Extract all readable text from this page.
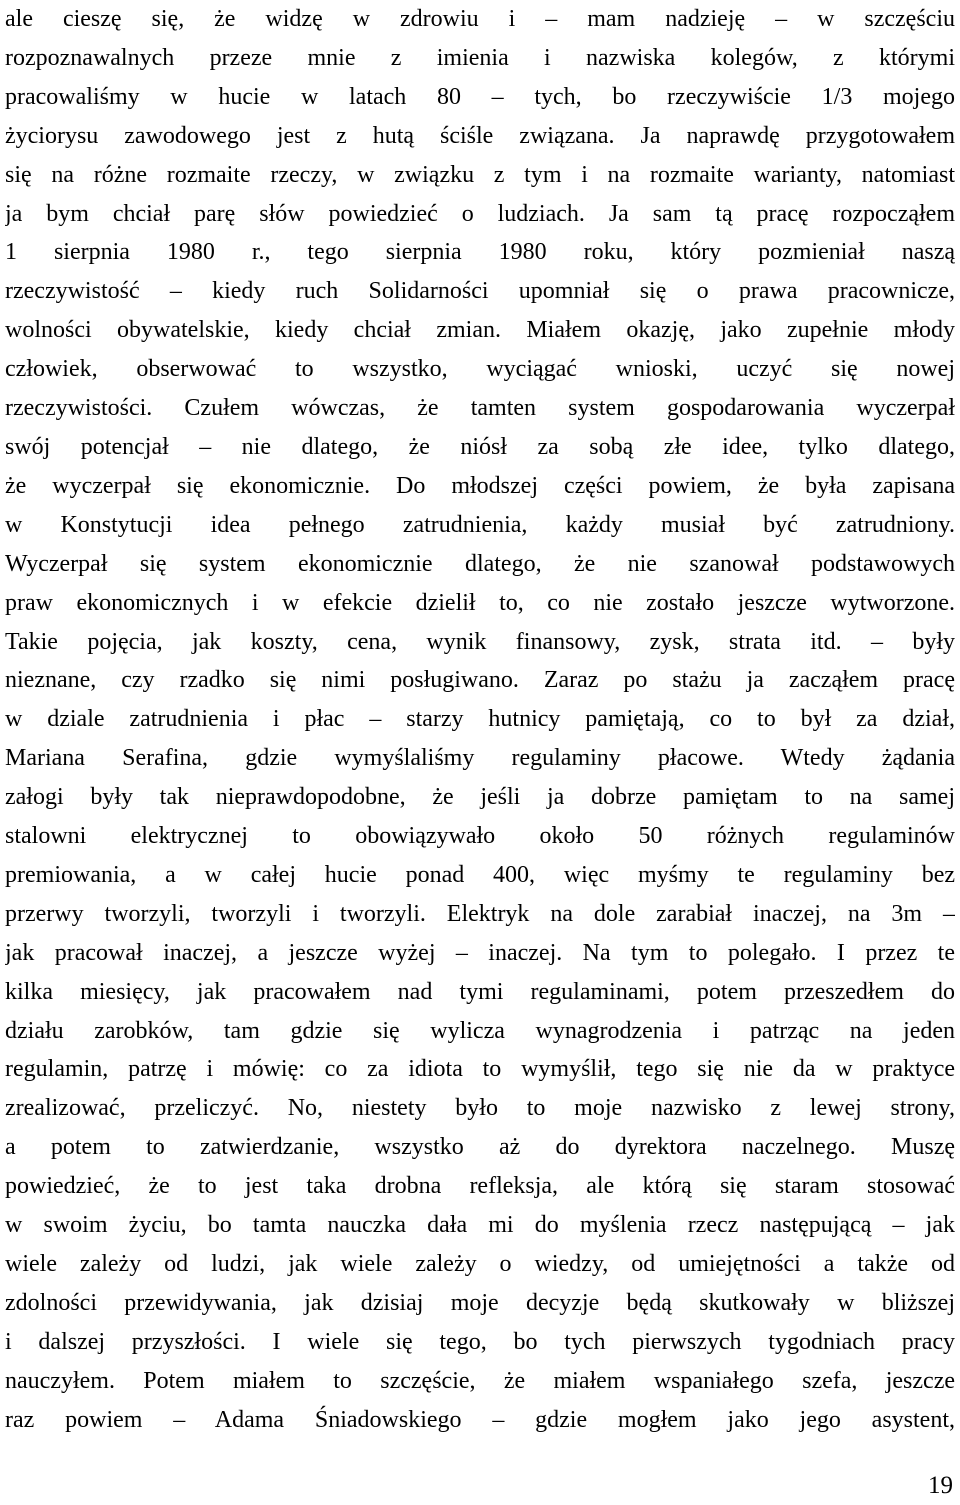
ale cieszę się, że widzę w zdrowiu i – mam nadzieję – w szczęściu
rozpoznawalnych przeze mnie z imienia i nazwiska kolegów, z którymi
pracowaliśmy w hucie w latach 80 – tych, bo rzeczywiście 1/3 mojego
życiorysu zawodowego jest z hutą ściśle związana. Ja naprawdę przygotowałem
się na różne rozmaite rzeczy, w związku z tym i na rozmaite warianty, natomiast
ja bym chciał parę słów powiedzieć o ludziach. Ja sam tą pracę rozpocząłem
1 sierpnia 1980 r., tego sierpnia 1980 roku, który pozmieniał naszą
rzeczywistość – kiedy ruch Solidarności upomniał się o prawa pracownicze,
wolności obywatelskie, kiedy chciał zmian. Miałem okazję, jako zupełnie młody
człowiek, obserwować to wszystko, wyciągać wnioski, uczyć się nowej
rzeczywistości. Czułem wówczas, że tamten system gospodarowania wyczerpał
swój potencjał – nie dlatego, że niósł za sobą złe idee, tylko dlatego,
że wyczerpał się ekonomicznie. Do młodszej części powiem, że była zapisana
w Konstytucji idea pełnego zatrudnienia, każdy musiał być zatrudniony.
Wyczerpał się system ekonomicznie dlatego, że nie szanował podstawowych
praw ekonomicznych i w efekcie dzielił to, co nie zostało jeszcze wytworzone.
Takie pojęcia, jak koszty, cena, wynik finansowy, zysk, strata itd. – były
nieznane, czy rzadko się nimi posługiwano. Zaraz po stażu ja zacząłem pracę
w dziale zatrudnienia i płac – starzy hutnicy pamiętają, co to był za dział,
Mariana Serafina, gdzie wymyślaliśmy regulaminy płacowe. Wtedy żądania
załogi były tak nieprawdopodobne, że jeśli ja dobrze pamiętam to na samej
stalowni elektrycznej to obowiązywało około 50 różnych regulaminów
premiowania, a w całej hucie ponad 400, więc myśmy te regulaminy bez
przerwy tworzyli, tworzyli i tworzyli. Elektryk na dole zarabiał inaczej, na 3m –
jak pracował inaczej, a jeszcze wyżej – inaczej. Na tym to polegało. I przez te
kilka miesięcy, jak pracowałem nad tymi regulaminami, potem przeszedłem do
działu zarobków, tam gdzie się wylicza wynagrodzenia i patrząc na jeden
regulamin, patrzę i mówię: co za idiota to wymyślił, tego się nie da w praktyce
zrealizować, przeliczyć. No, niestety było to moje nazwisko z lewej strony,
a potem to zatwierdzanie, wszystko aż do dyrektora naczelnego. Muszę
powiedzieć, że to jest taka drobna refleksja, ale którą się staram stosować
w swoim życiu, bo tamta nauczka dała mi do myślenia rzecz następującą – jak
wiele zależy od ludzi, jak wiele zależy o wiedzy, od umiejętności a także od
zdolności przewidywania, jak dzisiaj moje decyzje będą skutkowały w bliższej
i dalszej przyszłości. I wiele się tego, bo tych pierwszych tygodniach pracy
nauczyłem. Potem miałem to szczęście, że miałem wspaniałego szefa, jeszcze
raz powiem – Adama Śniadowskiego – gdzie mogłem jako jego asystent,
19
